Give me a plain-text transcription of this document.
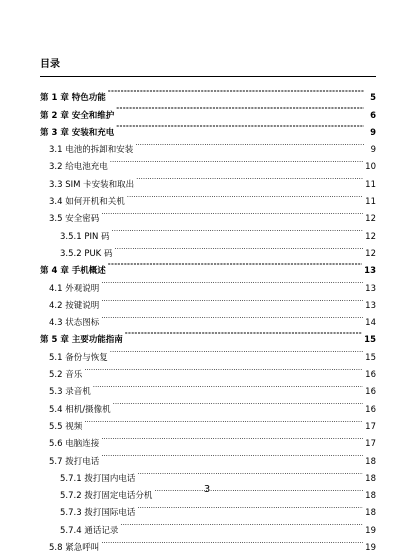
目录
第 1 章 特色功能 -----	5
第 2 章 安全和维护 -----	6
第 3 章 安装和充电 -----	9
3.1 电池的拆卸和安装 .....	9
3.2 给电池充电 .....	10
3.3 SIM 卡安装和取出 .....	11
3.4 如何开机和关机 .....	11
3.5 安全密码 .....	12
3.5.1 PIN 码 .....	12
3.5.2 PUK 码 .....	12
第 4 章 手机概述 -----	13
4.1 外观说明 .....	13
4.2 按键说明 .....	13
4.3 状态图标 .....	14
第 5 章 主要功能指南 -----	15
5.1 备份与恢复 .....	15
5.2 音乐 .....	16
5.3 录音机 .....	16
5.4 相机/摄像机 .....	16
5.5 视频 .....	17
5.6 电脑连接 .....	17
5.7 拨打电话 .....	18
5.7.1 拨打国内电话 .....	18
5.7.2 拨打固定电话分机 .....	18
5.7.3 拨打国际电话 .....	18
5.7.4 通话记录 .....	19
5.8 紧急呼叫 .....	19
3
